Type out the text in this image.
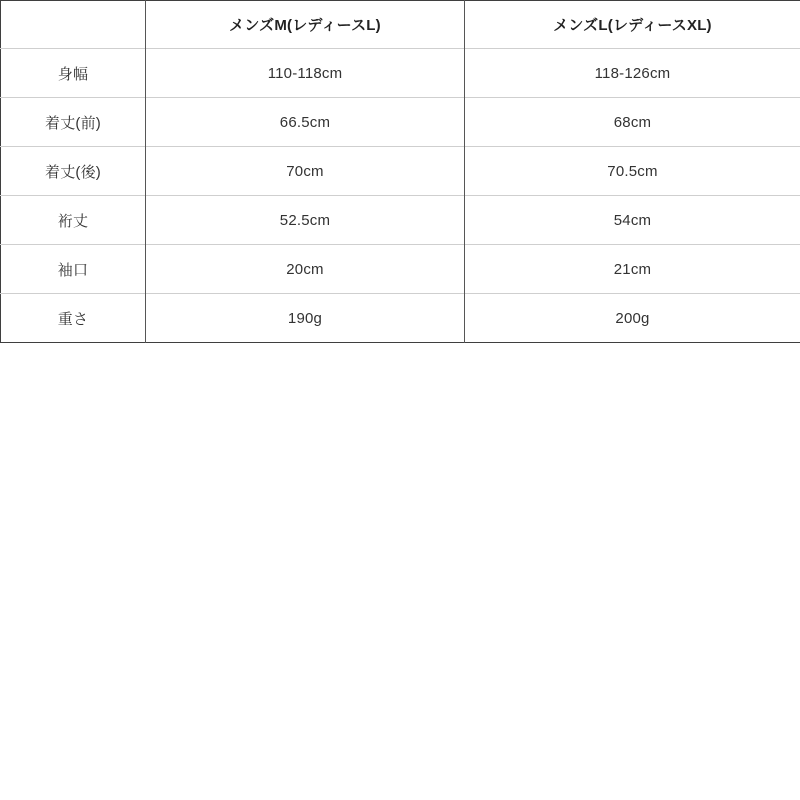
	メンズM(レディースL)	メンズL(レディースXL)
身幅	110-118cm	118-126cm
着丈(前)	66.5cm	68cm
着丈(後)	70cm	70.5cm
裄丈	52.5cm	54cm
袖口	20cm	21cm
重さ	190g	200g
